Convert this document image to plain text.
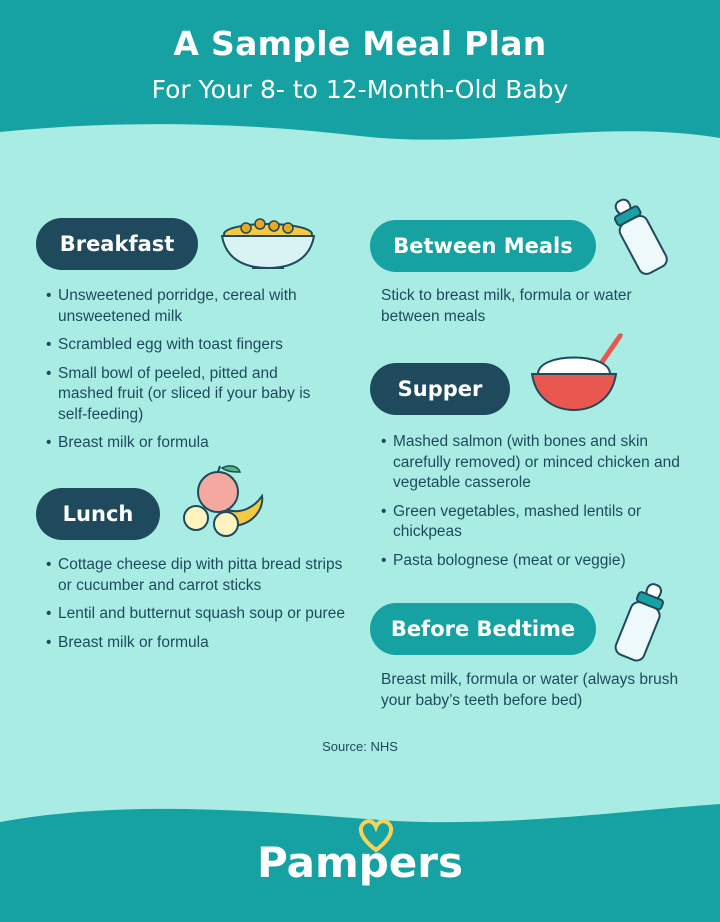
A Sample Meal Plan
For Your 8- to 12-Month-Old Baby
Breakfast
• Unsweetened porridge, cereal with unsweetened milk
• Scrambled egg with toast fingers
• Small bowl of peeled, pitted and mashed fruit (or sliced if your baby is self-feeding)
• Breast milk or formula
Lunch
• Cottage cheese dip with pitta bread strips or cucumber and carrot sticks
• Lentil and butternut squash soup or puree
• Breast milk or formula
Between Meals

Stick to breast milk, formula or water between meals

Supper
• Mashed salmon (with bones and skin carefully removed) or minced chicken and vegetable casserole
• Green vegetables, mashed lentils or chickpeas
• Pasta bolognese (meat or veggie)
Before Bedtime

Breast milk, formula or water (always brush your baby’s teeth before bed)

Source: NHS
Pampers
